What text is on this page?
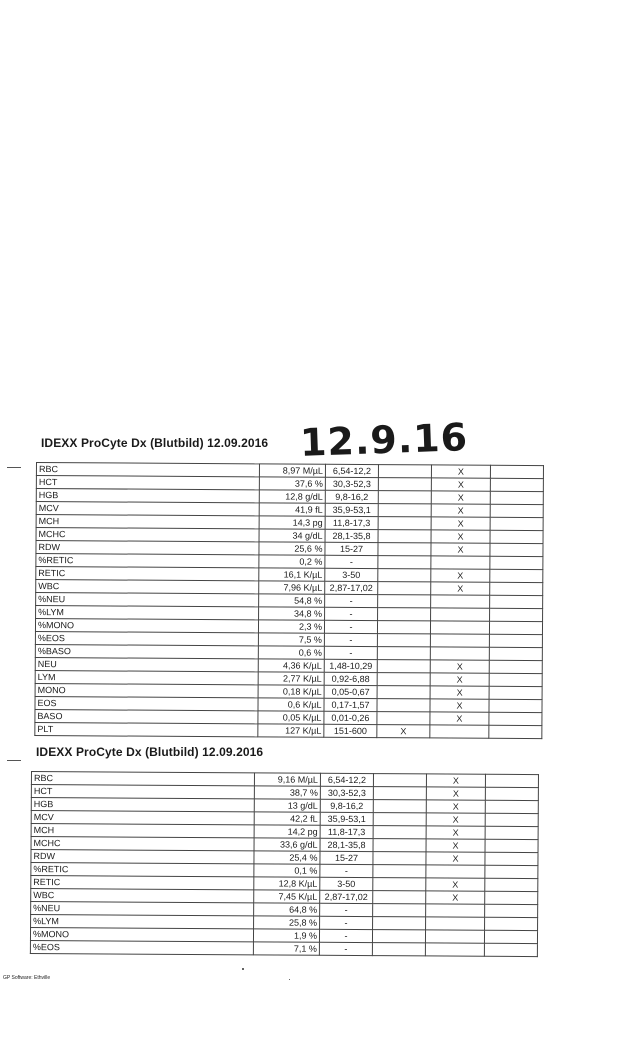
IDEXX ProCyte Dx (Blutbild) 12.09.2016 12.9.16
RBC	8,97 M/µL	6,54-12,2		X	
HCT	37,6 %	30,3-52,3		X	
HGB	12,8 g/dL	9,8-16,2		X	
MCV	41,9 fL	35,9-53,1		X	
MCH	14,3 pg	11,8-17,3		X	
MCHC	34 g/dL	28,1-35,8		X	
RDW	25,6 %	15-27		X	
%RETIC	0,2 %	-			
RETIC	16,1 K/µL	3-50		X	
WBC	7,96 K/µL	2,87-17,02		X	
%NEU	54,8 %	-			
%LYM	34,8 %	-			
%MONO	2,3 %	-			
%EOS	7,5 %	-			
%BASO	0,6 %	-			
NEU	4,36 K/µL	1,48-10,29		X	
LYM	2,77 K/µL	0,92-6,88		X	
MONO	0,18 K/µL	0,05-0,67		X	
EOS	0,6 K/µL	0,17-1,57		X	
BASO	0,05 K/µL	0,01-0,26		X	
PLT	127 K/µL	151-600	X		
IDEXX ProCyte Dx (Blutbild) 12.09.2016
RBC	9,16 M/µL	6,54-12,2		X	
HCT	38,7 %	30,3-52,3		X	
HGB	13 g/dL	9,8-16,2		X	
MCV	42,2 fL	35,9-53,1		X	
MCH	14,2 pg	11,8-17,3		X	
MCHC	33,6 g/dL	28,1-35,8		X	
RDW	25,4 %	15-27		X	
%RETIC	0,1 %	-			
RETIC	12,8 K/µL	3-50		X	
WBC	7,45 K/µL	2,87-17,02		X	
%NEU	64,8 %	-			
%LYM	25,8 %	-			
%MONO	1,9 %	-			
%EOS	7,1 %	-			
GP Software: Ethville
